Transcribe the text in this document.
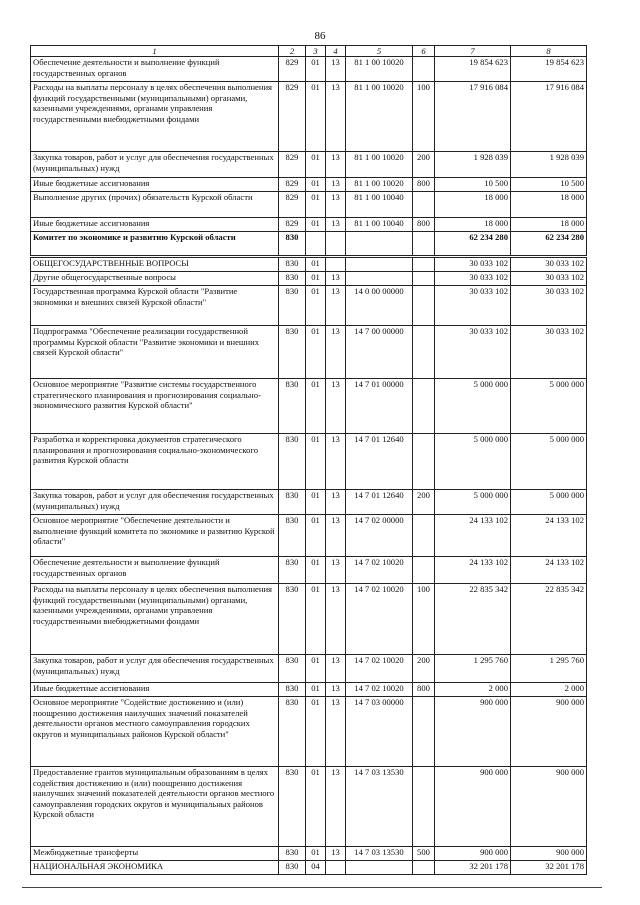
86
1	2	3	4	5	6	7	8
Обеспечение деятельности и выполнение функций государственных органов	829	01	13	81 1 00 10020		19 854 623	19 854 623
Расходы на выплаты персоналу в целях обеспечения выполнения функций государственными (муниципальными) органами, казенными учреждениями, органами управления государственными внебюджетными фондами	829	01	13	81 1 00 10020	100	17 916 084	17 916 084
Закупка товаров, работ и услуг для обеспечения государственных (муниципальных) нужд	829	01	13	81 1 00 10020	200	1 928 039	1 928 039
Иные бюджетные ассигнования	829	01	13	81 1 00 10020	800	10 500	10 500
Выполнение других (прочих) обязательств Курской области	829	01	13	81 1 00 10040		18 000	18 000
Иные бюджетные ассигнования	829	01	13	81 1 00 10040	800	18 000	18 000
Комитет по экономике и развитию Курской области	830					62 234 280	62 234 280
ОБЩЕГОСУДАРСТВЕННЫЕ ВОПРОСЫ	830	01				30 033 102	30 033 102
Другие общегосударственные вопросы	830	01	13			30 033 102	30 033 102
Государственная программа Курской области "Развитие экономики и внешних связей Курской области"	830	01	13	14 0 00 00000		30 033 102	30 033 102
Подпрограмма "Обеспечение реализации государственной программы Курской области "Развитие экономики и внешних связей Курской области"	830	01	13	14 7 00 00000		30 033 102	30 033 102
Основное мероприятие "Развитие системы государственного стратегического планирования и прогнозирования социально-экономического развития Курской области"	830	01	13	14 7 01 00000		5 000 000	5 000 000
Разработка и корректировка документов стратегического планирования и прогнозирования социально-экономического развития Курской области	830	01	13	14 7 01 12640		5 000 000	5 000 000
Закупка товаров, работ и услуг для обеспечения государственных (муниципальных) нужд	830	01	13	14 7 01 12640	200	5 000 000	5 000 000
Основное мероприятие "Обеспечение деятельности и выполнение функций комитета по экономике и развитию Курской области"	830	01	13	14 7 02 00000		24 133 102	24 133 102
Обеспечение деятельности и выполнение функций государственных органов	830	01	13	14 7 02 10020		24 133 102	24 133 102
Расходы на выплаты персоналу в целях обеспечения выполнения функций государственными (муниципальными) органами, казенными учреждениями, органами управления государственными внебюджетными фондами	830	01	13	14 7 02 10020	100	22 835 342	22 835 342
Закупка товаров, работ и услуг для обеспечения государственных (муниципальных) нужд	830	01	13	14 7 02 10020	200	1 295 760	1 295 760
Иные бюджетные ассигнования	830	01	13	14 7 02 10020	800	2 000	2 000
Основное мероприятие "Содействие достижению и (или) поощрению достижения наилучших значений показателей деятельности органов местного самоуправления городских округов и муниципальных районов Курской области"	830	01	13	14 7 03 00000		900 000	900 000
Предоставление грантов муниципальным образованиям в целях содействия достижению и (или) поощрению достижения наилучших значений показателей деятельности органов местного самоуправления городских округов и муниципальных районов Курской области	830	01	13	14 7 03 13530		900 000	900 000
Межбюджетные трансферты	830	01	13	14 7 03 13530	500	900 000	900 000
НАЦИОНАЛЬНАЯ ЭКОНОМИКА	830	04				32 201 178	32 201 178
